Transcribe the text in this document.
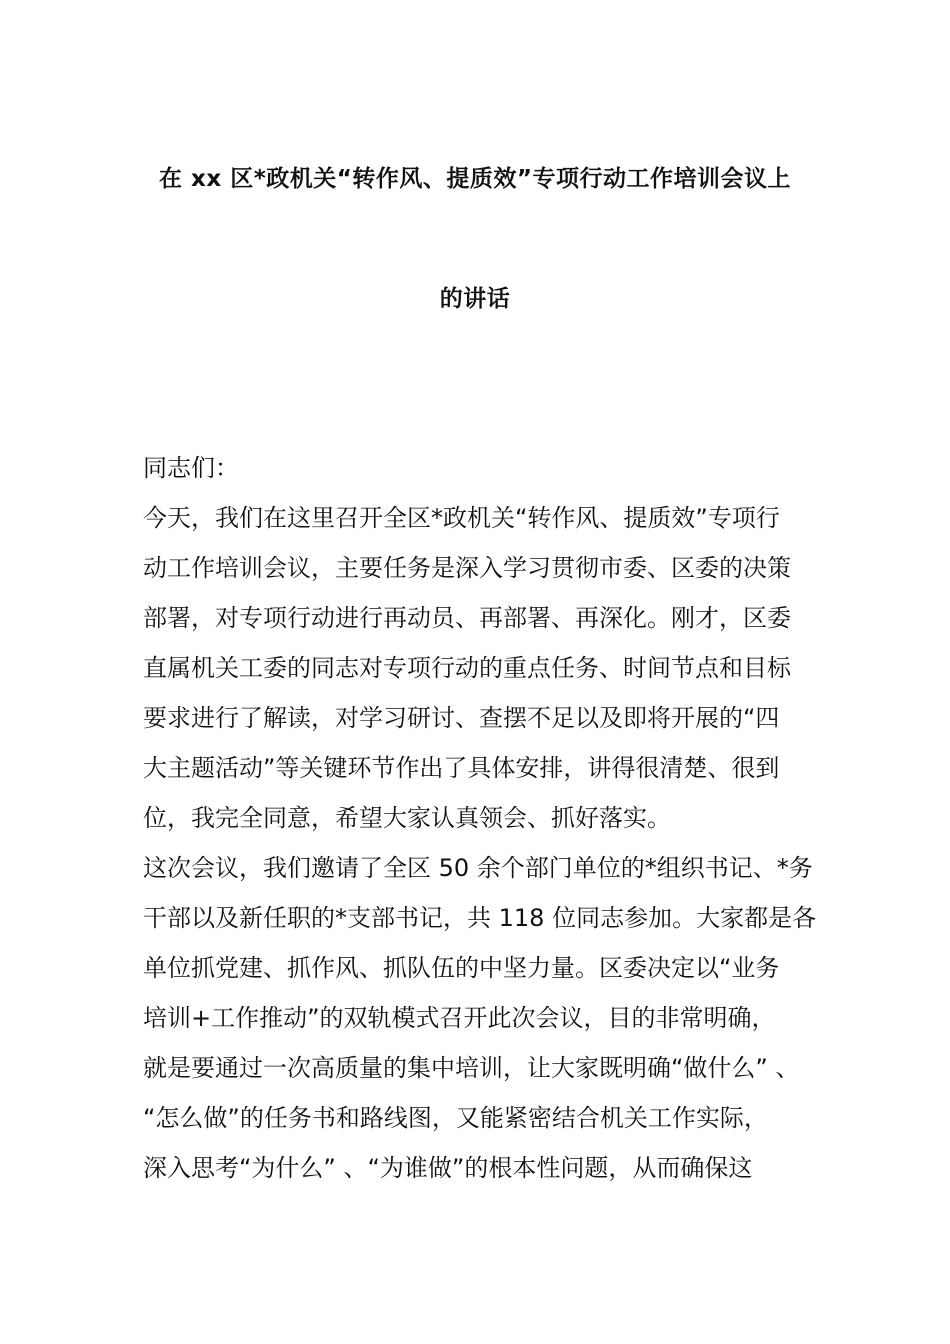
在 xx 区*政机关“转作风、提质效”专项行动工作培训会议上
的讲话
同志们：
今天，我们在这里召开全区*政机关“转作风、提质效”专项行
动工作培训会议，主要任务是深入学习贯彻市委、区委的决策
部署，对专项行动进行再动员、再部署、再深化。刚才，区委
直属机关工委的同志对专项行动的重点任务、时间节点和目标
要求进行了解读，对学习研讨、查摆不足以及即将开展的“四
大主题活动”等关键环节作出了具体安排，讲得很清楚、很到
位，我完全同意，希望大家认真领会、抓好落实。
这次会议，我们邀请了全区 50 余个部门单位的*组织书记、*务
干部以及新任职的*支部书记，共 118 位同志参加。大家都是各
单位抓党建、抓作风、抓队伍的中坚力量。区委决定以“业务
培训+工作推动”的双轨模式召开此次会议，目的非常明确，
就是要通过一次高质量的集中培训，让大家既明确“做什么” 、
“怎么做”的任务书和路线图，又能紧密结合机关工作实际，
深入思考“为什么” 、“为谁做”的根本性问题，从而确保这
